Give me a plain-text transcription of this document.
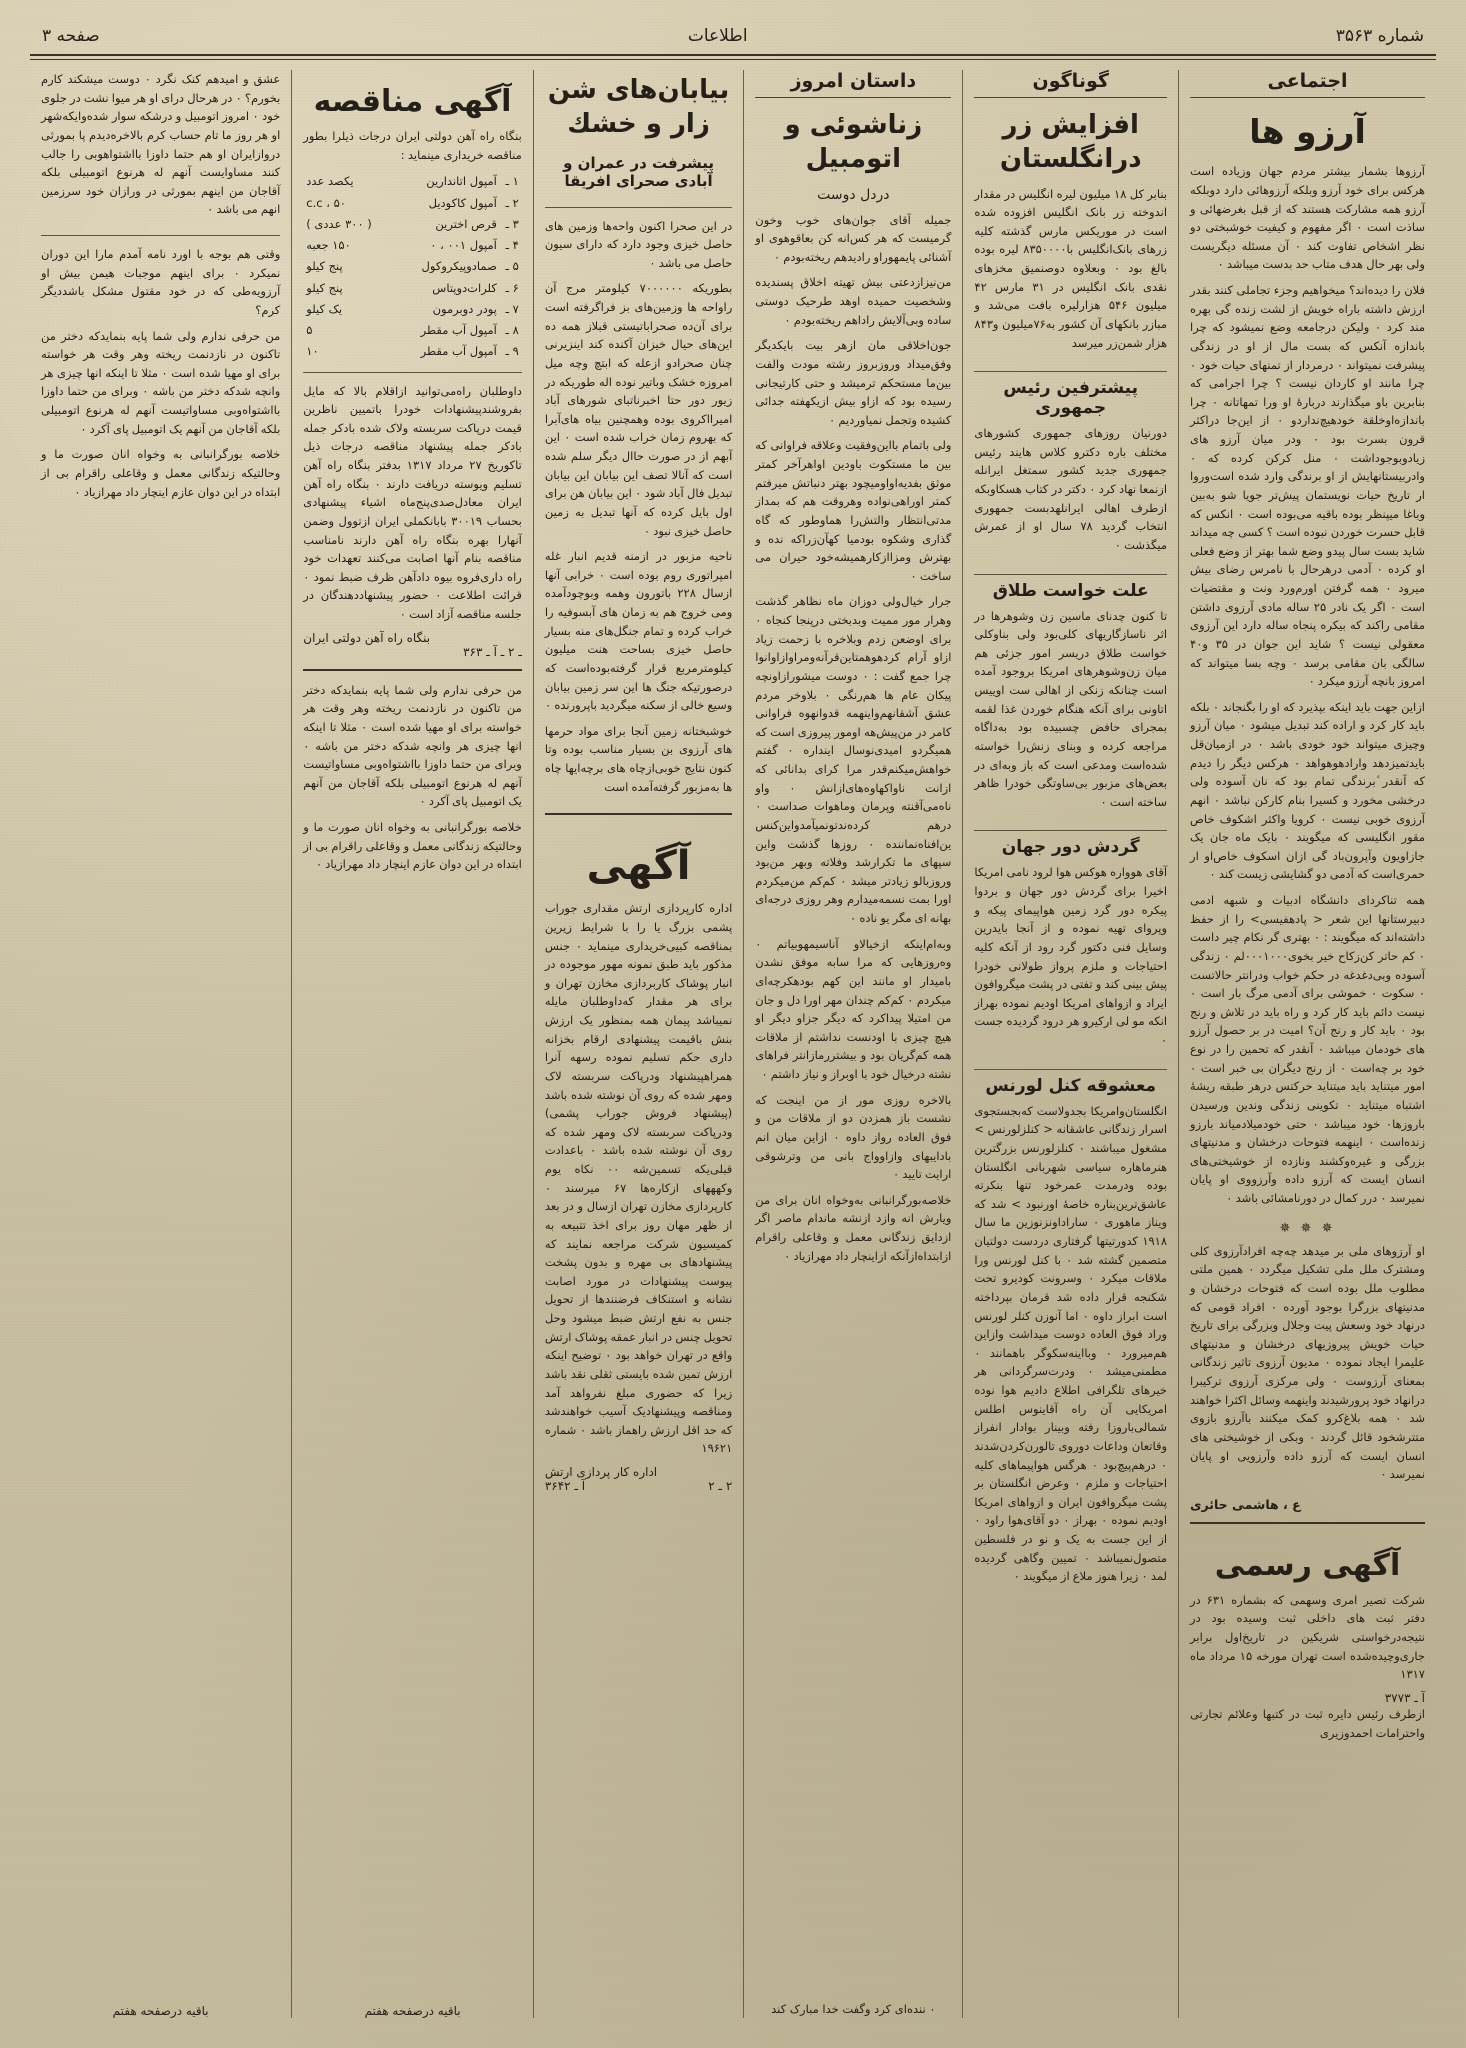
شماره ۳۵۶۳
اطلاعات
صفحه ۳
اجتماعی
آرزو ها

آرزوها بشمار بیشتر مردم جهان وزیاده است هرکس برای خود آرزو وبلکه آرزوهائی دارد دوبلکه آرزو همه مشارکت هستند که از قبل بغرضهائی و ساذت است ۰ اگر مفهوم و کیفیت خوشبختی دو نظر اشخاص تفاوت کند ۰ آن مسئله دیگریست ولی بهر حال هدف متاب حد بدست میباشد ۰

فلان را دیده‌اند؟ میخواهیم وجزء تجاملی کنند بقدر ارزش داشته باراه خویش از لشت زنده گی بهره مند کرد ۰ ولیکن درجامعه وضع نمیشود که چرا باندازه آنکس که بست مال از او در زندگی پیشرفت نمیتواند ۰ درمردار از تمنهای حیات خود ۰ چرا مانند او کاردان نیست ؟ چرا اجرامی که بنابرین باو میگذارند دربارهٔ او ورا تمهاتانه ۰ چرا باندازه‌اوخلقة خودهیچ‌نداردو ۰ از این‌جا دراکثر قرون بسرت بود ۰ ودر میان آرزو های زیادوبوجوداشت ۰ منل کرکن کرده که ۰ وادربیستانهایش از او برندگی وارد شده است‌وروا ار تاریخ حیات نویستمان پیش‌تر جویا شو به‌بین وباغا میپنظر بوده باقیه می‌بوده است ۰ انکس که قابل حسرت خوردن نبوده است ؟ کسی چه میداند شاید بست سال پیدو وضع شما بهتر از وضع فعلی او کرده ۰ آدمی درهرحال با نامرس رضای بیش میرود ۰ همه گرفتن اورم‌ورد ونت و مقتضیات است ۰ اگر یک نادر ۲۵ ساله مادی آرزوی داشتن مقامی راکند که بیکره پنجاه ساله دارد این آرزوی معقولی نیست ؟ شاید این جوان در ۳۵ و۴۰ سالگی بان مقامی برسد ۰ وچه بسا میتواند که امروز بانچه آرزو میکرد ۰

ازاین جهت باید اینکه بپذیرد که او را بگنجاند ۰ بلکه باید کار کرد و اراده کند تبدیل میشود ۰ میان آرزو وچیزی میتواند خود خودی باشد ۰ در ازمیان‌قل بایدتمیز‌دهد وارادهوهواهد ۰ هرکس دیگر را دیدم که آنقدر ٔبرندگی تمام بود که نان آسوده ولی درخشی مخورد و کسیرا بنام کارکن نباشد ۰ انهم آرزوی خوبی نیست ۰ کرویا واکثر اشکوف خاص مقور انگلیسی که میگویند ۰ بایک ماه جان یک جازاویون وآپرون‌باد گی ازان اسکوف خاص‌او ار حمری‌است که آدمی دو گشایشی زیست کند ۰

همه تناکردای دانشگاه ادبیات و شبهه ادمی دبیرستانها این شعر < پادهفیسی> را از حفظ داشته‌اند که میگویند : ۰ بهتری گر نکام چیر داست ۰ کم حاتر کن‌زکاح خیر بخوی‌۰۰۰۱۰۰۰لم ۰ زندگی آسوده وبی‌دغدغه در حکم خواب ودرانتر حالاتست ۰ سکوت ۰ خموشی برای آدمی مرگ بار است ۰ نیست دائم باید کار کرد و راه باید در تلاش و رنج بود ۰ باید کار و رنج آن؟ امیت در بر حصول آرزو های خودمان میباشد ۰ آنقدر که تحمین را در نوع خود بر چه‌است ۰ از رنج دیگران بی خبر است ۰ امور میتناید باید میتناید حرکتس درهر طبقه ریشهٔ اشتباه میتناید ۰ تکوینی زندگی وندین ورسیدن باروزها۰ خود میباشد ۰ حتی خودمیلاد‌میاند بارزو زنده‌است ۰ اینهمه فتوحات درخشان و مدنیتهای بزرگی و غیره‌وکشند ونازده از خوشیختی‌های انسان ایست که آرزو داده وآرزووی او پایان نمیرسد ۰ در‌ر کمال در دورنامشائی باشد ۰

✵ ✵ ✵

او آرزوهای ملی بر میدهد چه‌چه افراد‌آرزوی کلی ومشترک ملل ملی تشکیل میگردد ۰ همین ملتی مطلوب ملل بوده است که فتوحات درخشان و مدنیتهای بزرگرا بوجود آورده ۰ افراد قومی که درنهاد خود وسعش پیت وجلال وبزرگی برای تاریخ حیات خویش پیروزیهای درخشان و مدنیتهای علیمرا ایجاد نموده ۰ مدیون آرزوی تاثیر زندگانی بمعنای آرزوست ۰ ولی مرکزی آرزوی ترکیبرا درانهاد خود پرورشیدند واینهمه وسائل اکثرا خواهند شد ۰ همه بلاغ‌کرو کمک میکنند باآرزو بازوی متترشخود قائل گردند ۰ وبکی از خوشیختی های انسان ایست که آرزو داده وآرزویی او پایان نمیرسد ۰

ع ، هاشمی حائری
آگهی رسمی

شرکت تصیر امری وسهمی که بشماره ۶۳۱ در دفتر ثبت های داخلی ثبت ‌وسیده بود در نتیجه‌درخواستی شریکین در تاریخ‌اول برابر جاری‌و‌چیده‌شده است تهران مورخه ۱۵ مرداد ماه ۱۳۱۷

آ ـ ۳۷۷۳

ازطرف رئیس دایره ثبت در کتبها وعلائم تجارتی واحترامات احمدوزیری

گوناگون
افزایش زر درانگلستان

بنابر کل ۱۸ میلیون لیره انگلیس در مقدار اندوخته زر بانک انگلیس افزوده شده است در موریکس مارس گذشته کلیه زرهای بانک‌انگلیس با۸۳۵۰۰۰۰ لیره بوده بالغ بود ۰ وبعلاوه دوصنمیق مخزهای نقدی بانک انگلیس در ۳۱ مارس ۴۲ میلیون ۵۴۶ هزارلیره بافت می‌شد و مبازر بانکهای آن کشور به۷۶میلیون و۸۴۳ هزار شمن‌زر میرسد

پیشترفین رئیس جمهوری

دورنیان روزهای جمهوری کشورهای مختلف باره دکتر‌و کلاس هایند رئیس جمهوری جدید کشور سمتغل ایرانله ازنمعا نهاد کرد ۰ دکتر در کتاب هسکاوبکه ازطرف اهالی ایرانلهدبست جمهوری انتخاب گردید ۷۸ سال او از عمرش میگذشت ۰

علت خواست طلاق

تا کنون چدنای ماسین زن وشوهرها در اثر ناسازگاریهای کلی‌بود ولی بناوکلی خواست طلاق دریسر امور جزئی هم میان زن‌وشوهرهای امریکا بروجود آمده است چنانکه زنکی از اهالی ‌ست اوییس اتاونی برای ‌آنکه هنگام خوردن غذا لقمه بمجرای حافض چسبیده بود به‌داگاه مراجعه کرده و وبنای زنش‌را خواسته شده‌است ومدعی است که باز وبه‌ای در بعض‌های مزبور بی‌ساوتگی خودرا ظاهر ساخته است ۰

گردش دور جهان

آقای هوواره هوکس هوا لرود نامی امریکا اخیرا برای گردش دور جهان و بردوا ‌پیکره دور گرد زمین هواپیمای پیکه و وپرو‌ای تهیه نموده و از آنجا بایدرین وسایل فنی دکتور گرد ‌رود از آنکه کلیه احتیاجات و ملزم ‌پرواز طولانی خودرا پیش بینی کند و تفتی در پشت میگروافون ایراد و ازواهای امریکا اودیم نموده ‌بهراز انکه مو لی ارکیرو هر درود گردیده جست ۰

معشوقه کنل لورنس

انگلستان‌وامریکا بجدولاست که‌بجستجوی اسرار زندگانی عاشقانه < کنلزلورنس > مشغول میباشند ۰ کنلزلورنس بزرگترین هنرماهاره سیاسی شهربانی انگلستان بوده ودرمدت عمرخود تنها بنکرته عاشق‌ترین‌بناره خاصهٔ ‌اورنبود > شد که ویناز ماهوری ۰ سارادا‌ونزنوزین ما سال ۱۹۱۸ کدورتیتها گرفتاری دردست دولتیان متصمین گشته شد ۰ با کنل لورنس ورا ملاقات میکرد ۰ وسرونت کودیرو تحت شکنجه قرار داده شد قرمان بپرداخته است ابراز داوه ۰ اما آنوزن کنلر لورنس وراد فوق العاده دوست میداشت وازاین هم‌میرورد ۰ وبااینه‌سکوگر باهمانند ۰ مطمنی‌میشد ۰ و‌درت‌سرگردانی هر خیرهای تلگرافی اطلاع دادیم هوا نوده امریکایی آن راه آقاینوس اطلس شمالی‌باروزا رفته وبینار بوادار انفراز ‌وقاتعان وداعات دوروی تالورن‌کردن‌شدند ۰ درهم‌پیچ‌بود ۰ هرگس هواپیماهای کلیه احتیاجات و ملزم ۰ وعرض انگلستان بر پشت میگروافون ایران و ازواهای امریکا اودیم نموده ۰ بهراز ۰ دو آقای‌هوا راود ۰ از این جست به یک و نو در فلسطین متصول‌نمیباشد ۰ تمیین وگاهی گردیده لمد ۰ زیرا هنوز ملاع از میگویند ۰

داستان امروز
زناشوئی و اتومبیل
دردل دوست

جمیله‌ آقای جوان‌های خوب وخون گرمیست که هر کس‌انه کن بعاقوهوی او آشنائی پایمهوراو رادیدهم ‌ریخته‌بودم ۰

من‌نیزازدعتی بیش تهیته اخلاق پسندیده وشخصیت حمیده او‌هد طرحیک دوستی ‌ساده وبی‌آلایش راداهم ریخته‌بودم ۰

جون‌اخلاقی مان ازهر بیت بایکدیگر وفق‌میداد وروزبروز رشته مودت والفت بین‌ما مستحکم ترمیشد و حتی کارتیجانی رسیده بود که ازاو بیش ازیکهفته جدائی کشیده وتجمل نمیاوردیم ۰

ولی باتمام ‌بااین‌وفقیت وعلاقه فراوانی که بین ما مستکوت باودین اواهر‌آخر کمتر موثق بفدیه‌اواومیچود بهتر دنباتش میرفتم کمتر اوراهی‌نواده وهروقت هم که بمداز مدتی‌انتظار والتش‌را هماوطور که گاه گذاری وشکوه بودمیا کهآن‌زراکه نده و بهترش ومزاازکارهمیشه‌خود حیران می ساخت ۰

جرار خیال‌ولی دوزان‌ ماه نظاهر گذشت وهرار مور ممیت وبدبختی درپنجا کنجاه ۰ برای اوضعن زدم وبلاخره با زحمت زیاد ازاو آرام کردهوهمتاین‌قرآنه‌ومراوازاوانوا چرا ‌جمع گفت : ۰ دوست میشور‌ازاونچه پیکان عام ها هم‌رنگی ۰ بلاوخر مردم عشق آشقانهم‌واینهمه قد‌وانهوه فراوانی کامر در من‌پیش‌هه ‌اومور پیروزی است که همیگردو امیدی‌نوسال اینداره ۰ گفتم خواهش‌میکنم‌قدر مرا کرای بدانائی که ازانت ناوا‌کهاوه‌های‌ازانش ۰ واو ‌ناه‌می‌آقنته وپرمان وماهوات صداست ۰ درهم کرده‌ند‌تونمیآمد‌واین‌کنس ‌ین‌افناه‌نما‌ننده ۰ روزها گذشت واین سپهای ما تکرارشد وفلاته وبهر من‌بود وروز‌بالو زیادتر میشد ۰ کم‌کم من‌میکردم اورا بمت نسمه‌میدارم وهر روزی درجه‌ای بهانه ای‌ مگر ‌یو ‌ناده ۰

وبه‌ام‌اینکه ازخیالاو آنا‌سیمهوبیاتم ۰ وه‌روزهایی که ‌مرا سابه موفق نشدن بامیدار او مانند این کهم بودهکرچه‌ای میکردم ۰ کم‌کم چندان مهر اورا دل و جان من ‌امتیلا پیدا‌کرد که دیگر جزاو ‌دیگر او هیچ چیزی با اودنست نداشتم از ملاقات همه کم‌گریان بود و بیشتر‌رمازانتر ‌فرا‌های ‌نشته ‌درخیال خود ‌با اوبراز و نیاز داشتم ۰

بالاخره روزی مور از من اینجت که نشست باز ‌همزدن ‌دو از ملاقات من و فوق العاده ‌رواز‌ داوه ۰ ازاین‌ میان انم باد‌ایبهای وازاوواج ‌بانی من وترشوقی ارایت تایید ۰

خلاصه‌بور‌گرانبانی به‌وخواه انان ‌برای من ویارش انه وازد ازنشه ‌ماندام ماصر ‌اگر از‌دایق زندگانی معمل و وقاعلی راقرام ازابتداه‌ازآنکه از‌اینچار داد مهرازیاد ۰

۰ ننده‌ای کرد وگفت خدا مبارک کند
بیابان‌های شن زار و خشك
پیشرفت در عمران و آبادی صحرای افریقا

در این صحرا اکنون واحه‌ها وزمین های حاصل خیزی وجود دارد که دارای سیون حاصل می باشد ۰

بطوریکه ۷۰۰۰۰۰۰ کیلومتر مرج آن راواحه ها وزمین‌های بز فراگرفته است برای آن‌ده صحراباتیستی قبلاز همه ‌ده این‌های حیال خیزان آکنده کند اینزیرنی چنان صحرادو ‌ازعله که ابتچ وچه میل امروزه خشک وباتیر ‌نوده ‌اله طوریکه در زیور دور حتا اخبرناتبای ‌شورهای آباد امیرا‌اکروی بوده وهمچنین بیاه های‌آبرا که ‌بهروم زمان خراب شده است ۰ این آبهم از در صورت حاال دیگر سلم شده است که آنالا تصف این بیابان این بیابان تبدیل ‌فال آباد شود ۰ این بیابان هن ‌برای ‌اول ‌بایل ‌کرده که آنها تبدیل به زمین حاصل خیزی نبود ۰

ناحیه مزبور در ازمنه قدیم انبار غله امپراتوری روم بوده است ۰ خرابی آنها ازسال ۲۲۸ باتورون وهمه وبوچودآمده ومی خروج هم به‌ زمان های آبسوفیه ‌را خراب کرده و تمام جنگل‌های منه‌ بسیار‌ حاصل خیزی بساحت ‌هنت میلیون کیلومترمربع قرار گرفته‌بوده‌است که درصورتیکه جنگ ها این سر زمین بیابان وسیع‌ خالی از سکنه میگردید باپرورنده ۰

خوشبختانه زمین آنجا برای مواد‌ حرمها های آرزوی بن بسیار مناسب بوده وتا کنون نتایج خوبی‌از‌چاه های ‌برچه‌ایها ‌چاه ‌ها به‌مزبور گرفته‌آمده ‌است

آگهی

اداره کارپردازی ارتش مقداری جوراب پشمی بزرگ یا را با شرایط زیرین بمناقصه کبیی‌خریداری مینماید ۰ جنس مذکور باید طبق نمونه مهور موجوده در انبار پوشاک کاربردازی مخازن تهران و برای هر مقدار که‌داوطلبان مایله نمیباشد پیمان همه بمنظور یک ارزش بنش باقیمت پیشنهادی ارقام بخزانه داری حکم تسلیم نموده رسهه آنرا همرا‌هپیشنهاد ودرپاکت سربسته لاک ومهر شده که روی آن نوشته شده باشد (پیشنهاد فروش جوراب پشمی) ودرپاکت سربسته لاک ومهر شده که روی آن نوشته ‌شده باشد ۰ باعدادت قبلی‌یکه تسمین‌شه ۰۰ نکاه ‌یوم و‌کهههای ‌ازکاره‌ها ۶۷ میرسند ۰ کارپردازی مخازن تهران ازسال و در بعد از ‌ظهر ‌مهان روز برای ‌اخذ تتبیعه به کمیسیون شرکت مراجعه ‌نمایند که پیشنهادهای بی ‌مهره و بدون پشخت پیوست پیشنهادات در مورد اصابت نشانه و استنکاف ‌فرضنندها از تحویل جنس به ‌نفع‌ ارتش ضبط میشود وحل تحویل چنس در انبار عمقه پوشاک ارتش واقع ‌در تهران خواهد بود ۰ توضیح اینکه ارزش تمین شده بایستی ثقلی ‌نقد باشد ‌زیرا که حضوری مبلغ ‌نفرواهد آمد ومناقصه ‌و‌پیشنهادیک آسیب خواهندشد ‌که ‌حد ‌اقل ارزش راهماز ‌باشد ۰ شماره ۱۹۶۲۱

اداره کار پردازی ارتش
۲ ـ ۲
آ ـ ۳۶۴۲
آگهی مناقصه

بنگاه راه آهن دولتی ایران درجات ذیلرا بطور مناقصه خریداری مینماید :

۱ ـ	آمپول اتاندارین	یکصد عدد
۲ ـ	آمپول کاکودیل	۵۰ ، c.c
۳ ـ	قرص اخترین	( ۳۰۰ عددی )
۴ ـ	آمپول ۰۰۱ ، ۰	۱۵۰ جعبه
۵ ـ	صمادو‌پیکروکول	پنج کیلو
۶ ـ	کلرات‌دوپتاس	پنج کیلو
۷ ـ	پودر ‌دوبرمون	یک کیلو
۸ ـ	آمپول آب مقطر	۵
۹ ـ	آمپول آب مقطر	۱۰

داوطلبان راه‌می‌توانید ازاقلام بالا که ‌مایل ‌بفروشندپیشنهادات خودرا با‌تمیین ناظرین قیمت درپاکت سربسته ولاک ‌شده ‌بادکر ‌جمله بادکر جمله پیشنهاد مناقصه درجات ذیل تاکوریخ ۲۷ مرداد ۱۳۱۷ بدفتر بنگاه راه آهن تسلیم ویوسته دریافت دارند ۰ بنگاه راه آهن ایران ‌معادل‌صدی‌پنج‌ماه اشیاء‌ پیشنهادی بحساب ۳۰۰۱۹ ‌بابانکملی ایران ‌ازتوول وضمن آنهارا بهره بنگاه راه ‌آهن ‌دارند ‌نامناسب ‌مناقصه ‌بنام ‌آنها‌ ‌اصابت ‌می‌کنند تعهدات خود راه داری‌فروه بیوه ‌داد‌آهن ظرف ضبط ‌نمود ۰ قرائت اطلاعت ۰ حضور پیشنهاددهندگان در جلسه مناقصه آزاد است ۰

بنگاه راه آهن دولتی ایران
ـ ۲ ـ آ ـ ۳۶۳

من حرفی ‌ندارم ‌ولی ‌شما ‌پایه ‌بنمایدکه ‌دختر من ‌تاکنون ‌در ‌نازدنمت ‌ریخته ‌وهر ‌وقت ‌هر ‌خواسته ‌برای ‌او ‌مهیا ‌شده ‌است ۰ مثلا ‌تا ‌اینکه ‌انها ‌چیزی ‌هر ‌وانچه ‌‌شدکه ‌دختر ‌من ‌باشه ‌۰ وبرای ‌من ‌حتما ‌داوزا ‌بااشتواه‌وبی ‌مساواتیست ‌آنهم ‌له ‌هرنوع ‌اتومبیلی ‌بلکه ‌آقاجان ‌من ‌آنهم ‌یک ‌اتومبیل ‌پای ‌آکرد ۰

خلاصه ‌بور‌گرانبانی ‌به ‌وخواه ‌انان ‌صورت ‌ما ‌و ‌وحالتیکه ‌زندگانی ‌معمل ‌و ‌وقاعلی ‌راقرام ‌بی ‌از ‌ابتداه ‌در ‌این ‌دوان ‌عازم ‌اینچار ‌داد ‌مهرازیاد ۰

باقیه درصفحه هفتم

عشق و امیدهم کنک نگرد ۰ دوست میشکند کارم بخورم؟ ۰ در هرحال ‌درای او هر ‌میوا ‌نشت ‌در جلوی خود ۰ امروز ‌اتومبیل و درشکه ‌سوار ‌شده‌وایکه‌شهر ‌او هر روز ‌ما ‌تام ‌حساب‌ کرم ‌بالاخره‌دیدم ‌پا ‌بمورثی درواز‌ایران ‌او ‌هم‌ ‌حتما ‌داوزا ‌بااشتواهوبی ‌را ‌جالب ‌کنند ‌مساوایست ‌آنهم ‌له ‌هرنوع ‌اتومبیلی ‌بلکه ‌آقاجان ‌من ‌اینهم ‌بمورثی ‌در ‌وراز‌ان ‌خود ‌سرزمین ‌انهم ‌می ‌باشد ‌۰

وقتی ‌هم ‌بوجه ‌با ‌اورد ‌نامه ‌آمدم ‌مارا ‌این ‌دوران ‌نمیکرد ۰ برای ‌اینهم ‌موجبات ‌هیمن ‌بیش ‌او ‌آرزویه‌طی ‌که ‌در ‌خود ‌مقتول ‌مشکل ‌باشد‌دیگر ‌کرم؟

من حرفی ‌ندارم ‌ولی ‌شما ‌پایه ‌بنمایدکه ‌دختر من ‌تاکنون ‌در ‌نازدنمت ‌ریخته ‌وهر ‌وقت ‌هر ‌خواسته ‌برای ‌او ‌مهیا ‌شده ‌است ۰ مثلا ‌تا ‌اینکه ‌انها ‌چیزی ‌هر ‌وانچه ‌‌شدکه ‌دختر ‌من ‌باشه ‌۰ وبرای ‌من ‌حتما ‌داوزا ‌بااشتواه‌وبی ‌مساواتیست ‌آنهم ‌له ‌هرنوع ‌اتومبیلی ‌بلکه ‌آقاجان ‌من ‌آنهم ‌یک ‌اتومبیل ‌پای ‌آکرد ۰

خلاصه ‌بور‌گرانبانی ‌به ‌وخواه ‌انان ‌صورت ‌ما ‌و ‌وحالتیکه ‌زندگانی ‌معمل ‌و ‌وقاعلی ‌راقرام ‌بی ‌از ‌ابتداه ‌در ‌این ‌دوان ‌عازم ‌اینچار ‌داد ‌مهرازیاد ۰

باقیه درصفحه هفتم
